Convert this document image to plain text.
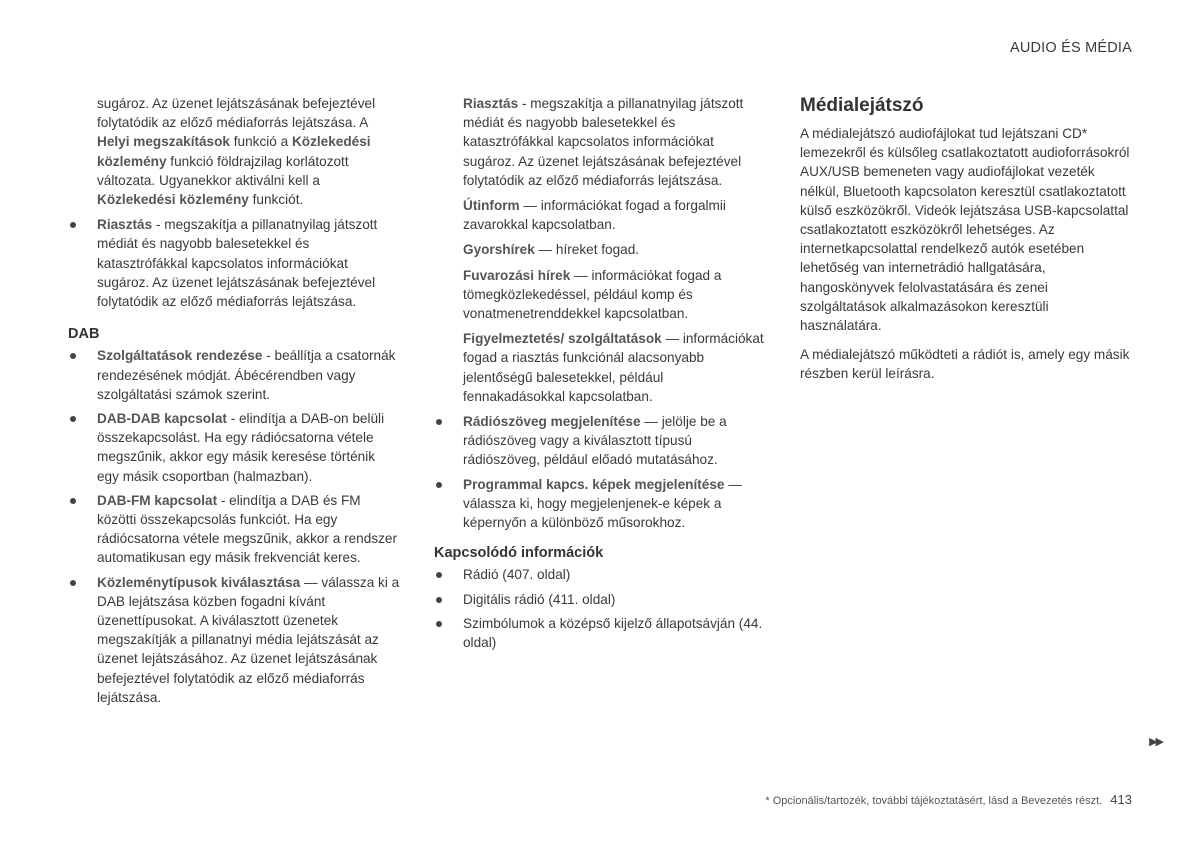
AUDIO ÉS MÉDIA
sugároz. Az üzenet lejátszásának befejeztével folytatódik az előző médiaforrás lejátszása. A Helyi megszakítások funkció a Közlekedési közlemény funkció földrajzilag korlátozott változata. Ugyanekkor aktiválni kell a Közlekedési közlemény funkciót.
Riasztás - megszakítja a pillanatnyilag játszott médiát és nagyobb balesetekkel és katasztrófákkal kapcsolatos információkat sugároz. Az üzenet lejátszásának befejeztével folytatódik az előző médiaforrás lejátszása.
DAB
Szolgáltatások rendezése - beállítja a csatornák rendezésének módját. Ábécérendben vagy szolgáltatási számok szerint.
DAB-DAB kapcsolat - elindítja a DAB-on belüli összekapcsolást. Ha egy rádiócsatorna vétele megszűnik, akkor egy másik keresése történik egy másik csoportban (halmazban).
DAB-FM kapcsolat - elindítja a DAB és FM közötti összekapcsolás funkciót. Ha egy rádiócsatorna vétele megszűnik, akkor a rendszer automatikusan egy másik frekvenciát keres.
Közleménytípusok kiválasztása — válassza ki a DAB lejátszása közben fogadni kívánt üzenettípusokat. A kiválasztott üzenetek megszakítják a pillanatnyi média lejátszását az üzenet lejátszásához. Az üzenet lejátszásának befejeztével folytatódik az előző médiaforrás lejátszása.
Riasztás - megszakítja a pillanatnyilag játszott médiát és nagyobb balesetekkel és katasztrófákkal kapcsolatos információkat sugároz. Az üzenet lejátszásának befejeztével folytatódik az előző médiaforrás lejátszása.
Útinform — információkat fogad a forgalmii zavarokkal kapcsolatban.
Gyorshírek — híreket fogad.
Fuvarozási hírek — információkat fogad a tömegközlekedéssel, például komp és vonatmenetrenddekkel kapcsolatban.
Figyelmeztetés/ szolgáltatások — információkat fogad a riasztás funkciónál alacsonyabb jelentőségű balesetekkel, például fennakadásokkal kapcsolatban.
Rádiószöveg megjelenítése — jelölje be a rádiószöveg vagy a kiválasztott típusú rádiószöveg, például előadó mutatásához.
Programmal kapcs. képek megjelenítése — válassza ki, hogy megjelenjenek-e képek a képernyőn a különböző műsorokhoz.
Kapcsolódó információk
Rádió (407. oldal)
Digitális rádió (411. oldal)
Szimbólumok a középső kijelző állapotsávján (44. oldal)
Médialejátszó
A médialejátszó audiofájlokat tud lejátszani CD* lemezekről és külsőleg csatlakoztatott audioforrásokról AUX/USB bemeneten vagy audiofájlokat vezeték nélkül, Bluetooth kapcsolaton keresztül csatlakoztatott külső eszközökről. Videók lejátszása USB-kapcsolattal csatlakoztatott eszközökről lehetséges. Az internetkapcsolattal rendelkező autók esetében lehetőség van internetrádió hallgatására, hangoskönyvek felolvastatására és zenei szolgáltatások alkalmazásokon keresztüli használatára.
A médialejátszó működteti a rádiót is, amely egy másik részben kerül leírásra.
▶▶
* Opcionális/tartozék, további tájékoztatásért, lásd a Bevezetés részt. 413
